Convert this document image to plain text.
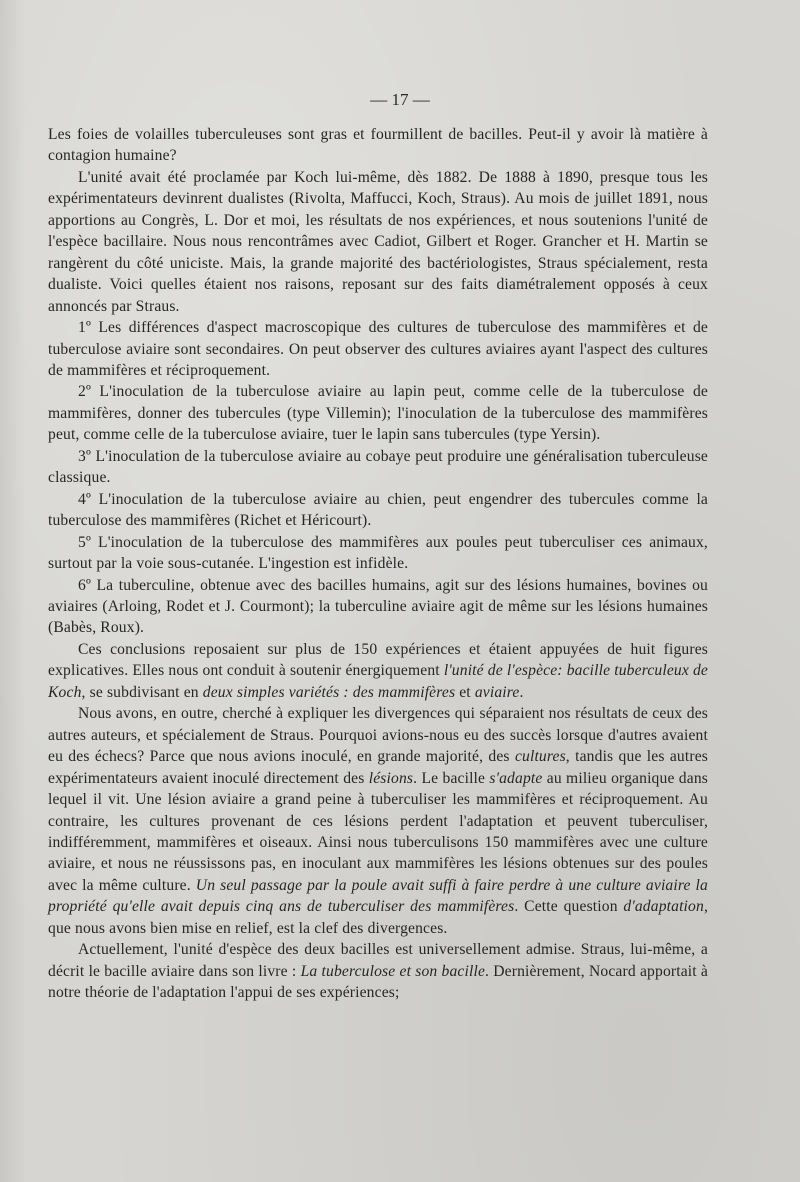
— 17 —

Les foies de volailles tuberculeuses sont gras et fourmillent de bacilles. Peut-il y avoir là matière à contagion humaine?

L'unité avait été proclamée par Koch lui-même, dès 1882. De 1888 à 1890, presque tous les expérimentateurs devinrent dualistes (Rivolta, Maffucci, Koch, Straus). Au mois de juillet 1891, nous apportions au Congrès, L. Dor et moi, les résultats de nos expériences, et nous soutenions l'unité de l'espèce bacillaire. Nous nous rencontrâmes avec Cadiot, Gilbert et Roger. Grancher et H. Martin se rangèrent du côté uniciste. Mais, la grande majorité des bactériologistes, Straus spécialement, resta dualiste. Voici quelles étaient nos raisons, reposant sur des faits diamétralement opposés à ceux annoncés par Straus.

1º Les différences d'aspect macroscopique des cultures de tuberculose des mammifères et de tuberculose aviaire sont secondaires. On peut observer des cultures aviaires ayant l'aspect des cultures de mammifères et réciproquement.

2º L'inoculation de la tuberculose aviaire au lapin peut, comme celle de la tuberculose de mammifères, donner des tubercules (type Villemin); l'inoculation de la tuberculose des mammifères peut, comme celle de la tuberculose aviaire, tuer le lapin sans tubercules (type Yersin).

3º L'inoculation de la tuberculose aviaire au cobaye peut produire une généralisation tuberculeuse classique.

4º L'inoculation de la tuberculose aviaire au chien, peut engendrer des tubercules comme la tuberculose des mammifères (Richet et Héricourt).

5º L'inoculation de la tuberculose des mammifères aux poules peut tuberculiser ces animaux, surtout par la voie sous-cutanée. L'ingestion est infidèle.

6º La tuberculine, obtenue avec des bacilles humains, agit sur des lésions humaines, bovines ou aviaires (Arloing, Rodet et J. Courmont); la tuberculine aviaire agit de même sur les lésions humaines (Babès, Roux).

Ces conclusions reposaient sur plus de 150 expériences et étaient appuyées de huit figures explicatives. Elles nous ont conduit à soutenir énergiquement l'unité de l'espèce: bacille tuberculeux de Koch, se subdivisant en deux simples variétés : des mammifères et aviaire.

Nous avons, en outre, cherché à expliquer les divergences qui séparaient nos résultats de ceux des autres auteurs, et spécialement de Straus. Pourquoi avions-nous eu des succès lorsque d'autres avaient eu des échecs? Parce que nous avions inoculé, en grande majorité, des cultures, tandis que les autres expérimentateurs avaient inoculé directement des lésions. Le bacille s'adapte au milieu organique dans lequel il vit. Une lésion aviaire a grand peine à tuberculiser les mammifères et réciproquement. Au contraire, les cultures provenant de ces lésions perdent l'adaptation et peuvent tuberculiser, indifféremment, mammifères et oiseaux. Ainsi nous tuberculisons 150 mammifères avec une culture aviaire, et nous ne réussissons pas, en inoculant aux mammifères les lésions obtenues sur des poules avec la même culture. Un seul passage par la poule avait suffi à faire perdre à une culture aviaire la propriété qu'elle avait depuis cinq ans de tuberculiser des mammifères. Cette question d'adaptation, que nous avons bien mise en relief, est la clef des divergences.

Actuellement, l'unité d'espèce des deux bacilles est universellement admise. Straus, lui-même, a décrit le bacille aviaire dans son livre : La tuberculose et son bacille. Dernièrement, Nocard apportait à notre théorie de l'adaptation l'appui de ses expériences;
